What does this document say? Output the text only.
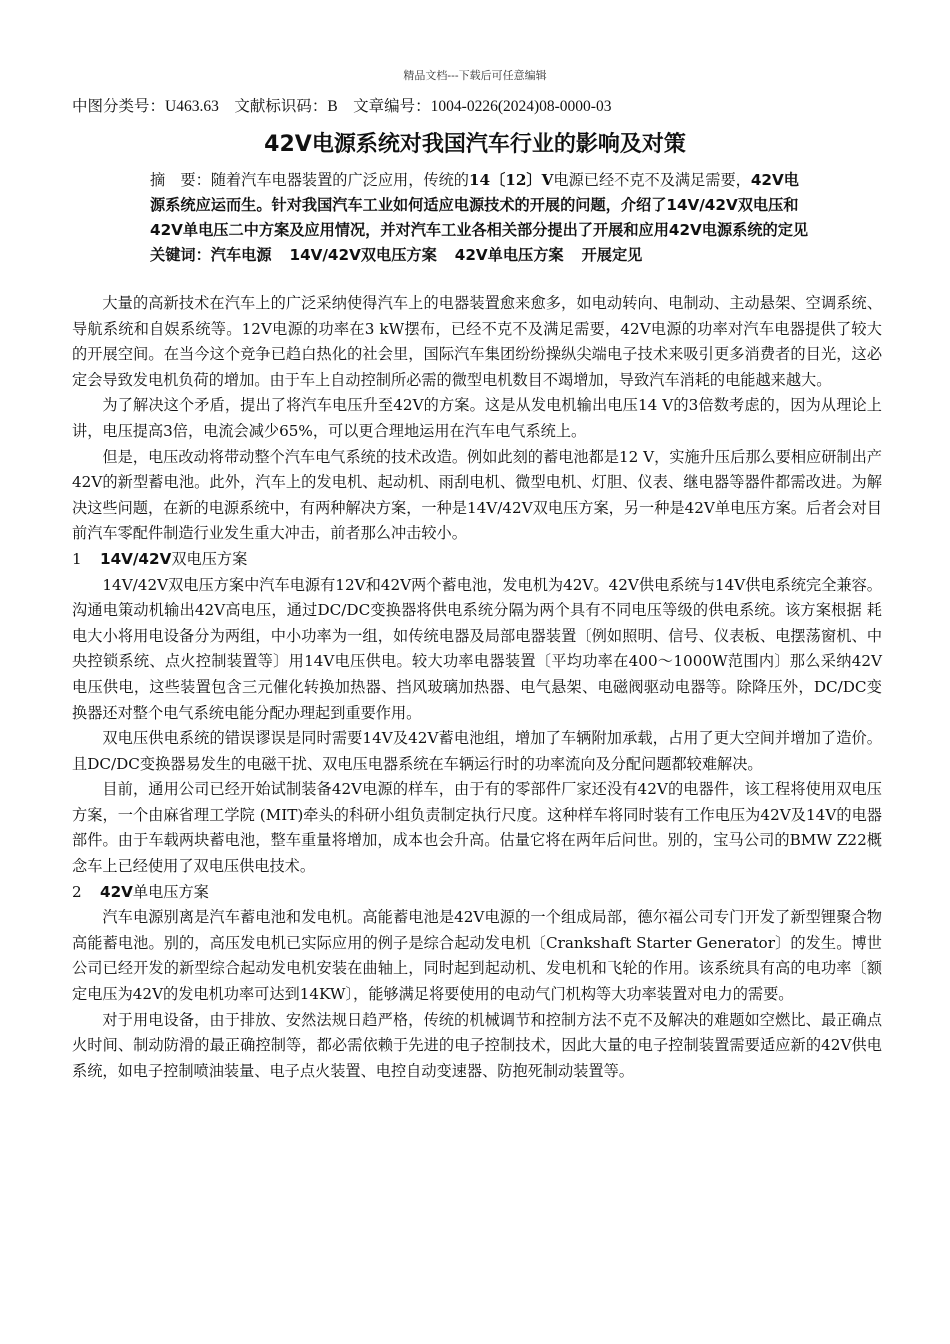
精品文档---下载后可任意编辑
中图分类号：U463.63　文献标识码：B　文章编号：1004-0226(2024)08-0000-03
42V电源系统对我国汽车行业的影响及对策
摘　要：随着汽车电器装置的广泛应用，传统的14〔12〕V电源已经不克不及满足需要，42V电源系统应运而生。针对我国汽车工业如何适应电源技术的开展的问题，介绍了14V/42V双电压和42V单电压二中方案及应用情况，并对汽车工业各相关部分提出了开展和应用42V电源系统的定见
关键词：汽车电源 14V/42V双电压方案 42V单电压方案 开展定见

大量的高新技术在汽车上的广泛采纳使得汽车上的电器装置愈来愈多，如电动转向、电制动、主动悬架、空调系统、导航系统和自娱系统等。12V电源的功率在3 kW摆布，已经不克不及满足需要，42V电源的功率对汽车电器提供了较大的开展空间。在当今这个竞争已趋白热化的社会里，国际汽车集团纷纷操纵尖端电子技术来吸引更多消费者的目光，这必定会导致发电机负荷的增加。由于车上自动控制所必需的微型电机数目不竭增加，导致汽车消耗的电能越来越大。

为了解决这个矛盾，提出了将汽车电压升至42V的方案。这是从发电机输出电压14 V的3倍数考虑的，因为从理论上讲，电压提高3倍，电流会减少65%，可以更合理地运用在汽车电气系统上。

但是，电压改动将带动整个汽车电气系统的技术改造。例如此刻的蓄电池都是12 V，实施升压后那么要相应研制出产42V的新型蓄电池。此外，汽车上的发电机、起动机、雨刮电机、微型电机、灯胆、仪表、继电器等器件都需改进。为解决这些问题，在新的电源系统中，有两种解决方案，一种是14V/42V双电压方案，另一种是42V单电压方案。后者会对目前汽车零配件制造行业发生重大冲击，前者那么冲击较小。

1 14V/42V双电压方案

14V/42V双电压方案中汽车电源有12V和42V两个蓄电池，发电机为42V。42V供电系统与14V供电系统完全兼容。沟通电策动机输出42V高电压，通过DC/DC变换器将供电系统分隔为两个具有不同电压等级的供电系统。该方案根据 耗电大小将用电设备分为两组，中小功率为一组，如传统电器及局部电器装置〔例如照明、信号、仪表板、电摆荡窗机、中央控锁系统、点火控制装置等〕用14V电压供电。较大功率电器装置〔平均功率在400～1000W范围内〕那么采纳42V电压供电，这些装置包含三元催化转换加热器、挡风玻璃加热器、电气悬架、电磁阀驱动电器等。除降压外，DC/DC变换器还对整个电气系统电能分配办理起到重要作用。

双电压供电系统的错误谬误是同时需要14V及42V蓄电池组，增加了车辆附加承载，占用了更大空间并增加了造价。且DC/DC变换器易发生的电磁干扰、双电压电器系统在车辆运行时的功率流向及分配问题都较难解决。

目前，通用公司已经开始试制装备42V电源的样车，由于有的零部件厂家还没有42V的电器件，该工程将使用双电压方案，一个由麻省理工学院 (MIT)牵头的科研小组负责制定执行尺度。这种样车将同时装有工作电压为42V及14V的电器部件。由于车载两块蓄电池，整车重量将增加，成本也会升高。估量它将在两年后问世。别的，宝马公司的BMW Z22概念车上已经使用了双电压供电技术。

2 42V单电压方案

汽车电源别离是汽车蓄电池和发电机。高能蓄电池是42V电源的一个组成局部，德尔福公司专门开发了新型锂聚合物高能蓄电池。别的，高压发电机已实际应用的例子是综合起动发电机〔Crankshaft Starter Generator〕的发生。博世公司已经开发的新型综合起动发电机安装在曲轴上，同时起到起动机、发电机和飞轮的作用。该系统具有高的电功率〔额定电压为42V的发电机功率可达到14KW〕，能够满足将要使用的电动气门机构等大功率装置对电力的需要。

对于用电设备，由于排放、安然法规日趋严格，传统的机械调节和控制方法不克不及解决的难题如空燃比、最正确点火时间、制动防滑的最正确控制等，都必需依赖于先进的电子控制技术，因此大量的电子控制装置需要适应新的42V供电系统，如电子控制喷油装量、电子点火装置、电控自动变速器、防抱死制动装置等。
